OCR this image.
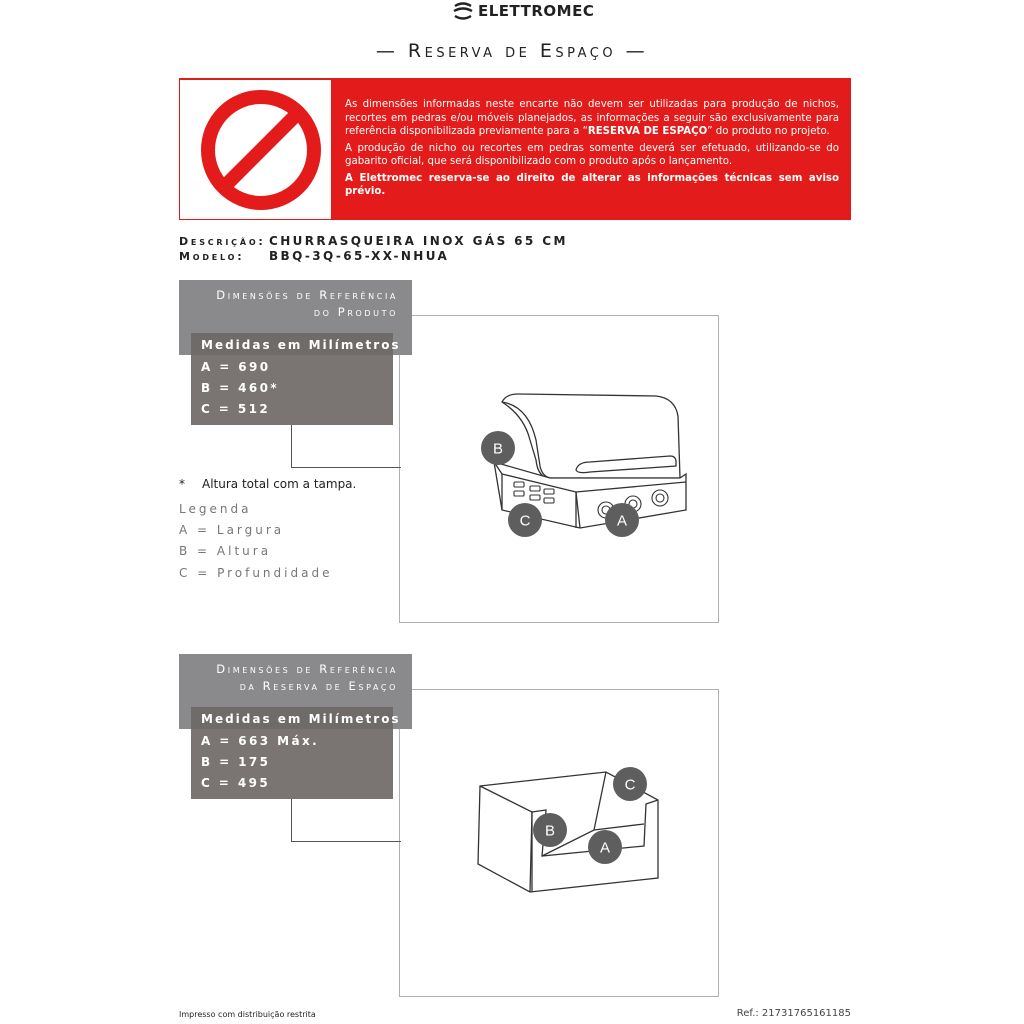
ELETTROMEC
— Reserva de Espaço —

As dimensões informadas neste encarte não devem ser utilizadas para produção de nichos, recortes em pedras e/ou móveis planejados, as informações a seguir são exclusivamente para referência disponibilizada previamente para a “RESERVA DE ESPAÇO” do produto no projeto.

A produção de nicho ou recortes em pedras somente deverá ser efetuado, utilizando-se do gabarito oficial, que será disponibilizado com o produto após o lançamento.

A Elettromec reserva-se ao direito de alterar as informações técnicas sem aviso prévio.

Descrição: CHURRASQUEIRA INOX GÁS 65 CM
Modelo: BBQ-3Q-65-XX-NHUA
Dimensões de Referência
do Produto
Medidas em Milímetros
A = 690
B = 460*
C = 512
* Altura total com a tampa.
Legenda
A = Largura
B = Altura
C = Profundidade
B
C	A
Dimensões de Referência
da Reserva de Espaço
Medidas em Milímetros
A = 663 Máx.
B = 175
C = 495	C
B
A
Impresso com distribuição restrita	Ref.: 21731765161185
